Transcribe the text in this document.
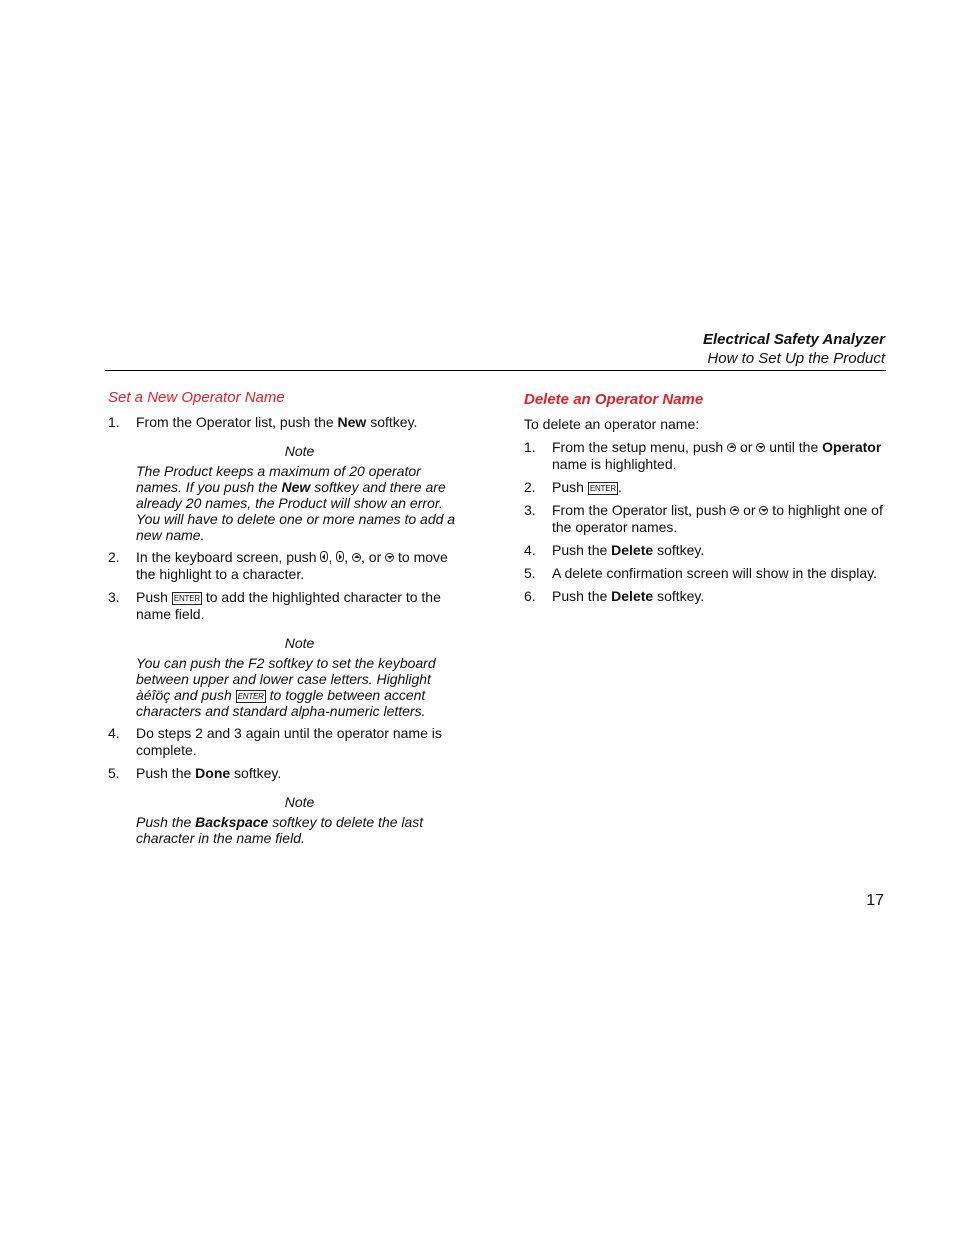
Electrical Safety Analyzer
How to Set Up the Product
Set a New Operator Name
1. From the Operator list, push the New softkey.
Note
The Product keeps a maximum of 20 operator names. If you push the New softkey and there are already 20 names, the Product will show an error. You will have to delete one or more names to add a new name.
2. In the keyboard screen, push , , , or  to move the highlight to a character.
3. Push ENTER to add the highlighted character to the name field.
Note
You can push the F2 softkey to set the keyboard between upper and lower case letters. Highlight àéîöç and push ENTER to toggle between accent characters and standard alpha-numeric letters.
4. Do steps 2 and 3 again until the operator name is complete.
5. Push the Done softkey.
Note
Push the Backspace softkey to delete the last character in the name field.
Delete an Operator Name
To delete an operator name:
1. From the setup menu, push  or  until the Operator name is highlighted.
2. Push ENTER .
3. From the Operator list, push  or  to highlight one of the operator names.
4. Push the Delete softkey.
5. A delete confirmation screen will show in the display.
6. Push the Delete softkey.
17
